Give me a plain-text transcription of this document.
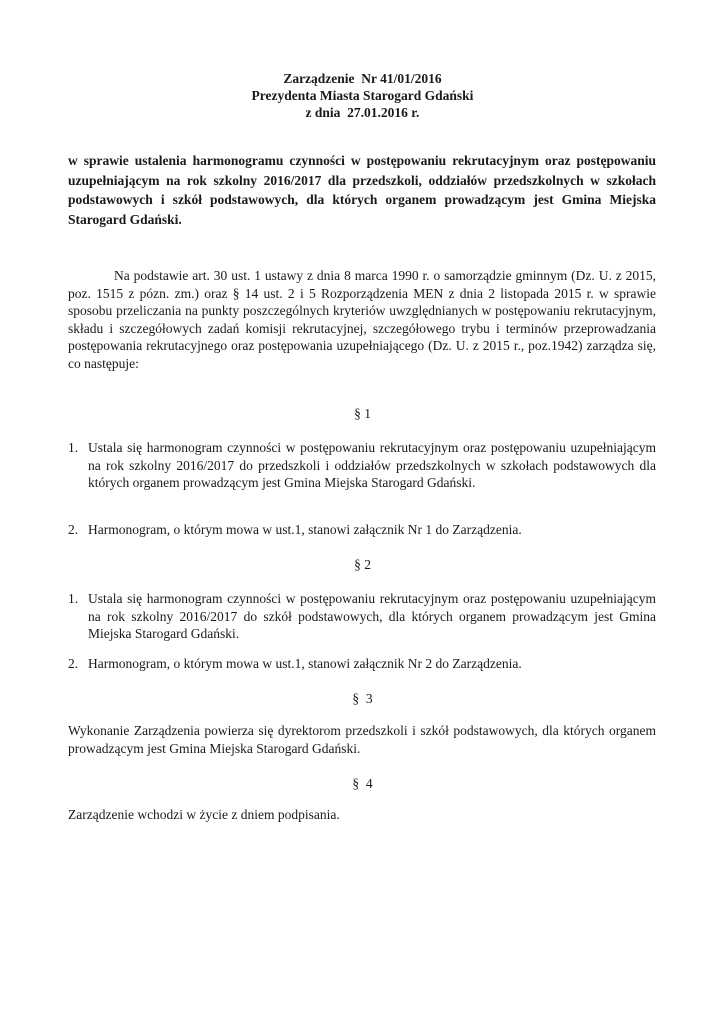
Zarządzenie  Nr 41/01/2016
Prezydenta Miasta Starogard Gdański
z dnia  27.01.2016 r.
w sprawie ustalenia harmonogramu czynności w postępowaniu rekrutacyjnym oraz postępowaniu uzupełniającym na rok szkolny 2016/2017 dla przedszkoli, oddziałów przedszkolnych w szkołach podstawowych i szkół podstawowych, dla których organem prowadzącym jest Gmina Miejska Starogard Gdański.
Na podstawie art. 30 ust. 1 ustawy z dnia 8 marca 1990 r. o samorządzie gminnym (Dz. U. z 2015, poz. 1515 z pózn. zm.) oraz § 14 ust. 2 i 5 Rozporządzenia MEN z dnia 2 listopada 2015 r. w sprawie sposobu przeliczania na punkty poszczególnych kryteriów uwzględnianych w postępowaniu rekrutacyjnym, składu i szczegółowych zadań komisji rekrutacyjnej, szczegółowego trybu i terminów przeprowadzania postępowania rekrutacyjnego oraz postępowania uzupełniającego (Dz. U. z 2015 r., poz.1942) zarządza się, co następuje:
§ 1
1. Ustala się harmonogram czynności w postępowaniu rekrutacyjnym oraz postępowaniu uzupełniającym na rok szkolny 2016/2017 do przedszkoli i oddziałów przedszkolnych w szkołach podstawowych dla których organem prowadzącym jest Gmina Miejska Starogard Gdański.
2. Harmonogram, o którym mowa w ust.1, stanowi załącznik Nr 1 do Zarządzenia.
§ 2
1. Ustala się harmonogram czynności w postępowaniu rekrutacyjnym oraz postępowaniu uzupełniającym na rok szkolny 2016/2017 do szkół podstawowych, dla których organem prowadzącym jest Gmina Miejska Starogard Gdański.
2. Harmonogram, o którym mowa w ust.1, stanowi załącznik Nr 2 do Zarządzenia.
§  3
Wykonanie Zarządzenia powierza się dyrektorom przedszkoli i szkół podstawowych, dla których organem prowadzącym jest Gmina Miejska Starogard Gdański.
§  4
Zarządzenie wchodzi w życie z dniem podpisania.
